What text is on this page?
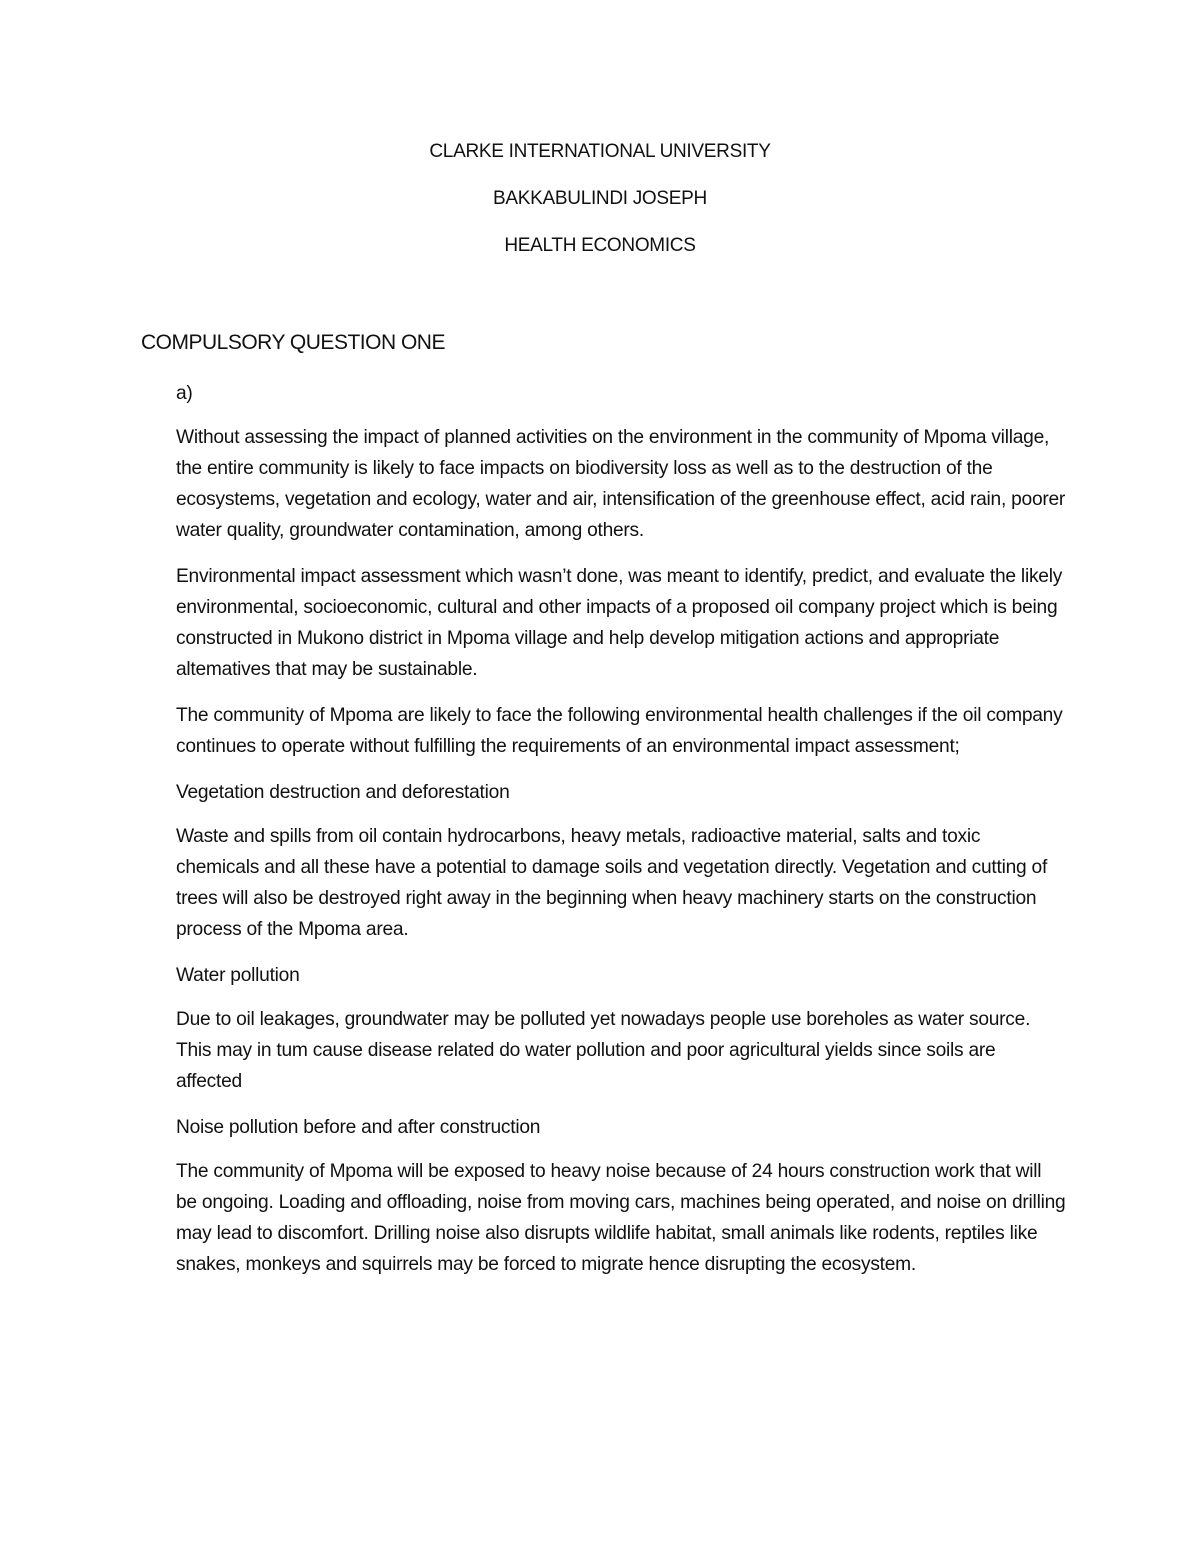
CLARKE INTERNATIONAL UNIVERSITY
BAKKABULINDI JOSEPH
HEALTH ECONOMICS
COMPULSORY QUESTION ONE

a)

Without assessing the impact of planned activities on the environment in the community of Mpoma village, the entire community is likely to face impacts on biodiversity loss as well as to the destruction of the ecosystems, vegetation and ecology, water and air, intensification of the greenhouse effect, acid rain, poorer water quality, groundwater contamination, among others.

Environmental impact assessment which wasn’t done, was meant to identify, predict, and evaluate the likely environmental, socioeconomic, cultural and other impacts of a proposed oil company project which is being constructed in Mukono district in Mpoma village and help develop mitigation actions and appropriate altematives that may be sustainable.

The community of Mpoma are likely to face the following environmental health challenges if the oil company continues to operate without fulfilling the requirements of an environmental impact assessment;

Vegetation destruction and deforestation

Waste and spills from oil contain hydrocarbons, heavy metals, radioactive material, salts and toxic chemicals and all these have a potential to damage soils and vegetation directly. Vegetation and cutting of trees will also be destroyed right away in the beginning when heavy machinery starts on the construction process of the Mpoma area.

Water pollution

Due to oil leakages, groundwater may be polluted yet nowadays people use boreholes as water source. This may in tum cause disease related do water pollution and poor agricultural yields since soils are affected

Noise pollution before and after construction

The community of Mpoma will be exposed to heavy noise because of 24 hours construction work that will be ongoing. Loading and offloading, noise from moving cars, machines being operated, and noise on drilling may lead to discomfort. Drilling noise also disrupts wildlife habitat, small animals like rodents, reptiles like snakes, monkeys and squirrels may be forced to migrate hence disrupting the ecosystem.
